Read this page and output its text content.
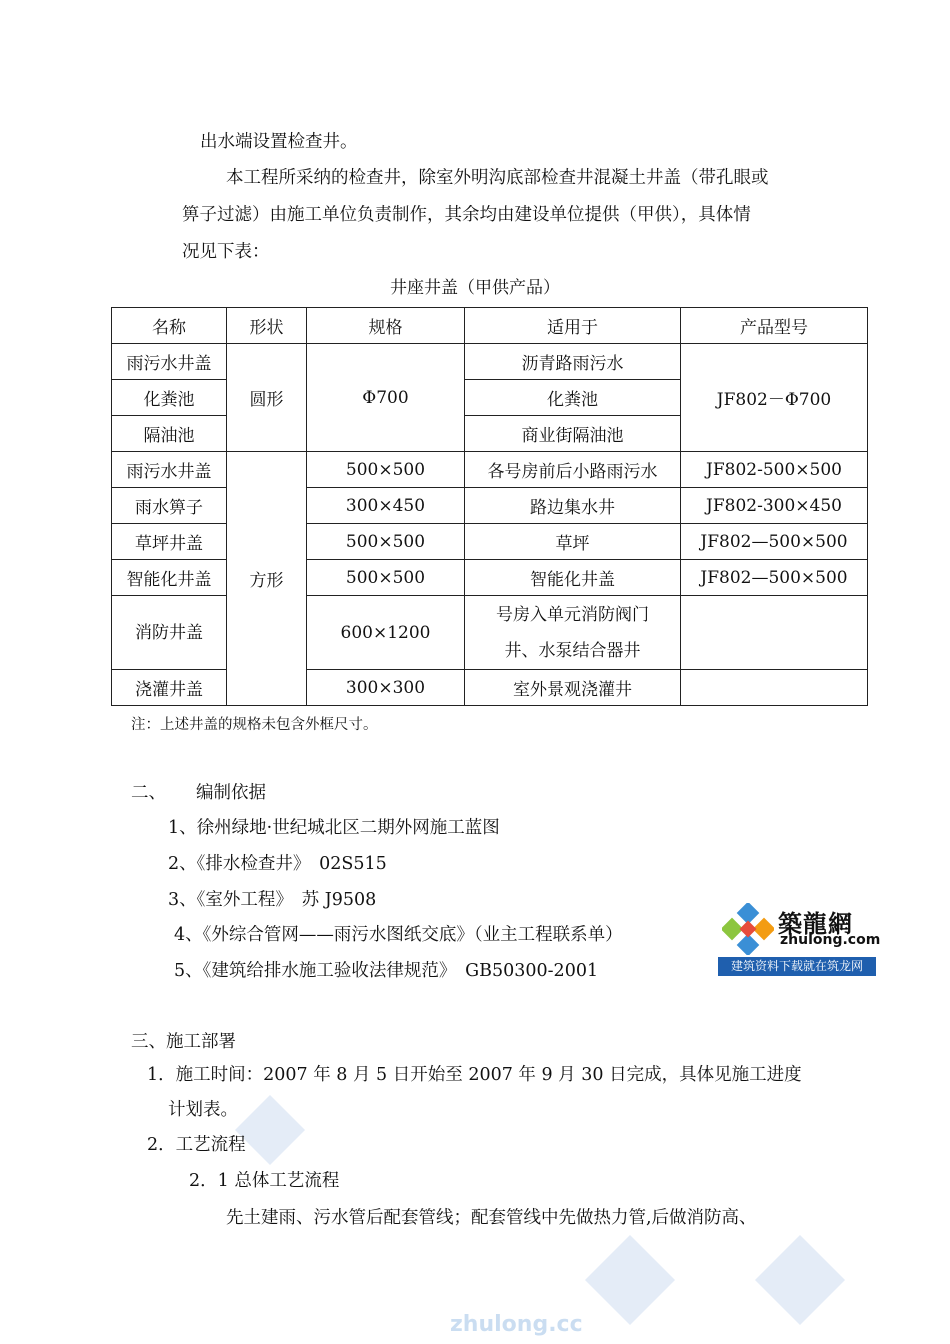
zhulong.cc
出水端设置检查井。
本工程所采纳的检查井，除室外明沟底部检查井混凝土井盖（带孔眼或
箅子过滤）由施工单位负责制作，其余均由建设单位提供（甲供），具体情
况见下表：
井座井盖（甲供产品）
名称	形状	规格	适用于	产品型号
雨污水井盖	圆形	Φ700	沥青路雨污水	JF802－Φ700
化粪池			化粪池	
隔油池			商业街隔油池	
雨污水井盖	方形	500×500	各号房前后小路雨污水	JF802-500×500
雨水箅子		300×450	路边集水井	JF802-300×450
草坪井盖		500×500	草坪	JF802—500×500
智能化井盖		500×500	智能化井盖	JF802—500×500
消防井盖		600×1200	号房入单元消防阀门
井、水泵结合器井	

浇灌井盖		300×300	室外景观浇灌井	
注：上述井盖的规格未包含外框尺寸。
二、 编制依据
1、徐州绿地·世纪城北区二期外网施工蓝图
2、《排水检查井》　02S515
3、《室外工程》　苏 J9508
4、《外综合管网——雨污水图纸交底》（业主工程联系单）
5、《建筑给排水施工验收法律规范》　GB50300-2001
築龍網
zhulong.com
建筑资料下载就在筑龙网
三、施工部署
1．施工时间：2007 年 8 月 5 日开始至 2007 年 9 月 30 日完成，具体见施工进度
计划表。
2．工艺流程
2．1 总体工艺流程
先土建雨、污水管后配套管线；配套管线中先做热力管,后做消防高、
